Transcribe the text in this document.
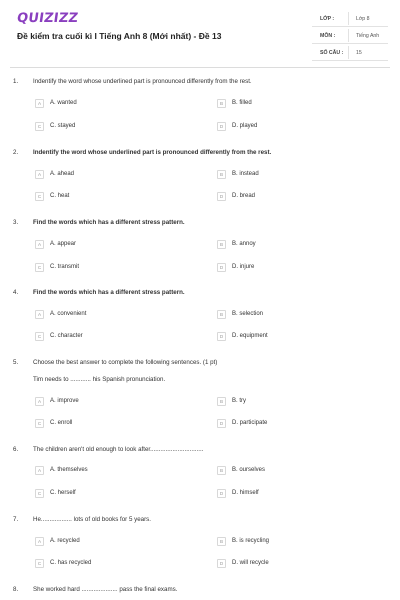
QUIZIZZ
Đề kiểm tra cuối kì I Tiếng Anh 8 (Mới nhất) - Đề 13
LỚP :	Lớp 8
MÔN :	Tiếng Anh
SỐ CÂU : 15
1. Indentify the word whose underlined part is pronounced differently from the rest.
A	A. wanted	B	B. filled
C	C. stayed	D	D. played
2. Indentify the word whose underlined part is pronounced differently from the rest.
A	A. ahead	B	B. instead
C	C. heat	D	D. bread
3. Find the words which has a different stress pattern.
A	A. appear	B	B. annoy
C	C. transmit	D	D. injure
4. Find the words which has a different stress pattern.
A	A. convenient	B	B. selection
C	C. character	D	D. equipment
5. Choose the best answer to complete the following sentences. (1 pt)
Tim needs to ............ his Spanish pronunciation.
A	A. improve	B	B. try
C	C. enroll	D	D. participate
6. The children aren't old enough to look after...............................
A	A. themselves	B	B. ourselves
C	C. herself	D	D. himself
7. He.................. lots of old books for 5 years.
A	A. recycled	B	B. is recycling
C	C. has recycled	D	D. will recycle
8. She worked hard ..................... pass the final exams.
